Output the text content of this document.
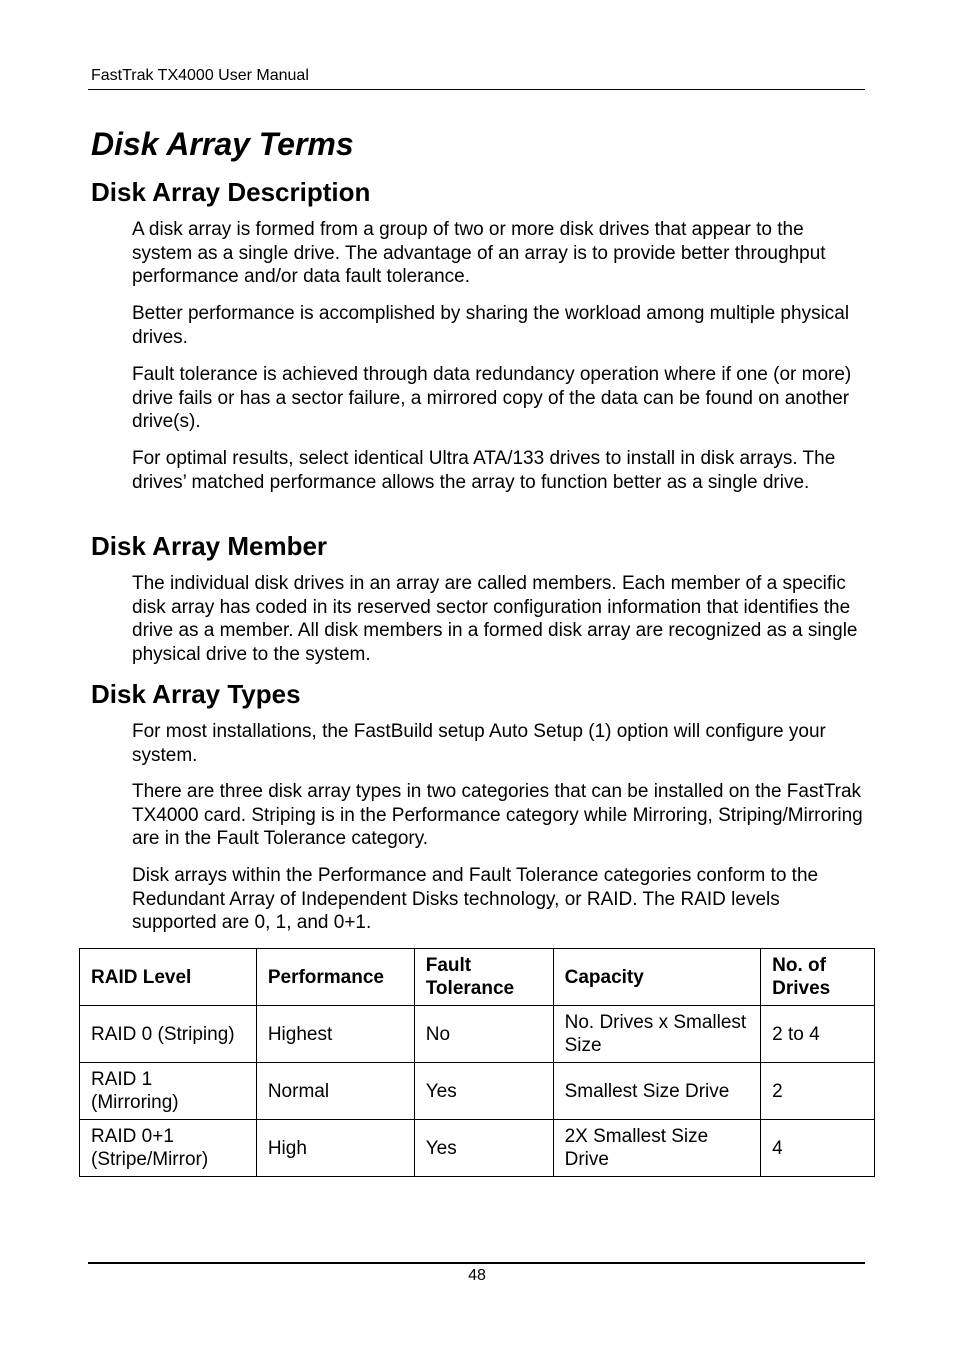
FastTrak TX4000 User Manual
Disk Array Terms
Disk Array Description

A disk array is formed from a group of two or more disk drives that appear to the system as a single drive. The advantage of an array is to provide better throughput performance and/or data fault tolerance.

Better performance is accomplished by sharing the workload among multiple physical drives.

Fault tolerance is achieved through data redundancy operation where if one (or more) drive fails or has a sector failure, a mirrored copy of the data can be found on another drive(s).

For optimal results, select identical Ultra ATA/133 drives to install in disk arrays. The drives’ matched performance allows the array to function better as a single drive.

Disk Array Member

The individual disk drives in an array are called members. Each member of a specific disk array has coded in its reserved sector configuration information that identifies the drive as a member. All disk members in a formed disk array are recognized as a single physical drive to the system.

Disk Array Types

For most installations, the FastBuild setup Auto Setup (1) option will configure your system.

There are three disk array types in two categories that can be installed on the FastTrak TX4000 card. Striping is in the Performance category while Mirroring, Striping/Mirroring are in the Fault Tolerance category.

Disk arrays within the Performance and Fault Tolerance categories conform to the Redundant Array of Independent Disks technology, or RAID. The RAID levels supported are 0, 1, and 0+1.

RAID Level	Performance	Fault Tolerance	Capacity	No. of Drives
RAID 0 (Striping)	Highest	No	No. Drives x Smallest Size	2 to 4
RAID 1 (Mirroring)	Normal	Yes	Smallest Size Drive	2
RAID 0+1 (Stripe/Mirror)	High	Yes	2X Smallest Size Drive	4
48
